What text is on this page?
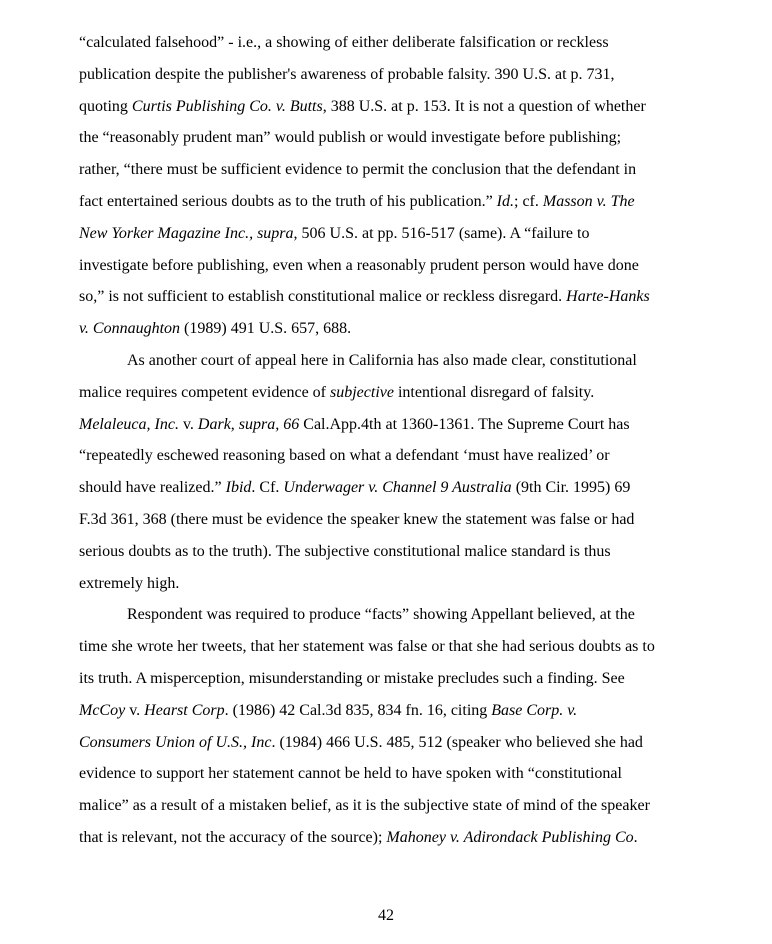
“calculated falsehood” - i.e., a showing of either deliberate falsification or reckless
publication despite the publisher's awareness of probable falsity. 390 U.S. at p. 731,
quoting Curtis Publishing Co. v. Butts, 388 U.S. at p. 153. It is not a question of whether
the “reasonably prudent man” would publish or would investigate before publishing;
rather, “there must be sufficient evidence to permit the conclusion that the defendant in
fact entertained serious doubts as to the truth of his publication.” Id.; cf. Masson v. The
New Yorker Magazine Inc., supra, 506 U.S. at pp. 516-517 (same). A “failure to
investigate before publishing, even when a reasonably prudent person would have done
so,” is not sufficient to establish constitutional malice or reckless disregard. Harte-Hanks
v. Connaughton (1989) 491 U.S. 657, 688.
As another court of appeal here in California has also made clear, constitutional
malice requires competent evidence of subjective intentional disregard of falsity.
Melaleuca, Inc. v. Dark, supra, 66 Cal.App.4th at 1360-1361. The Supreme Court has
“repeatedly eschewed reasoning based on what a defendant ‘must have realized’ or
should have realized.” Ibid. Cf. Underwager v. Channel 9 Australia (9th Cir. 1995) 69
F.3d 361, 368 (there must be evidence the speaker knew the statement was false or had
serious doubts as to the truth). The subjective constitutional malice standard is thus
extremely high.
Respondent was required to produce “facts” showing Appellant believed, at the
time she wrote her tweets, that her statement was false or that she had serious doubts as to
its truth. A misperception, misunderstanding or mistake precludes such a finding. See
McCoy v. Hearst Corp. (1986) 42 Cal.3d 835, 834 fn. 16, citing Base Corp. v.
Consumers Union of U.S., Inc. (1984) 466 U.S. 485, 512 (speaker who believed she had
evidence to support her statement cannot be held to have spoken with “constitutional
malice” as a result of a mistaken belief, as it is the subjective state of mind of the speaker
that is relevant, not the accuracy of the source); Mahoney v. Adirondack Publishing Co.
42
